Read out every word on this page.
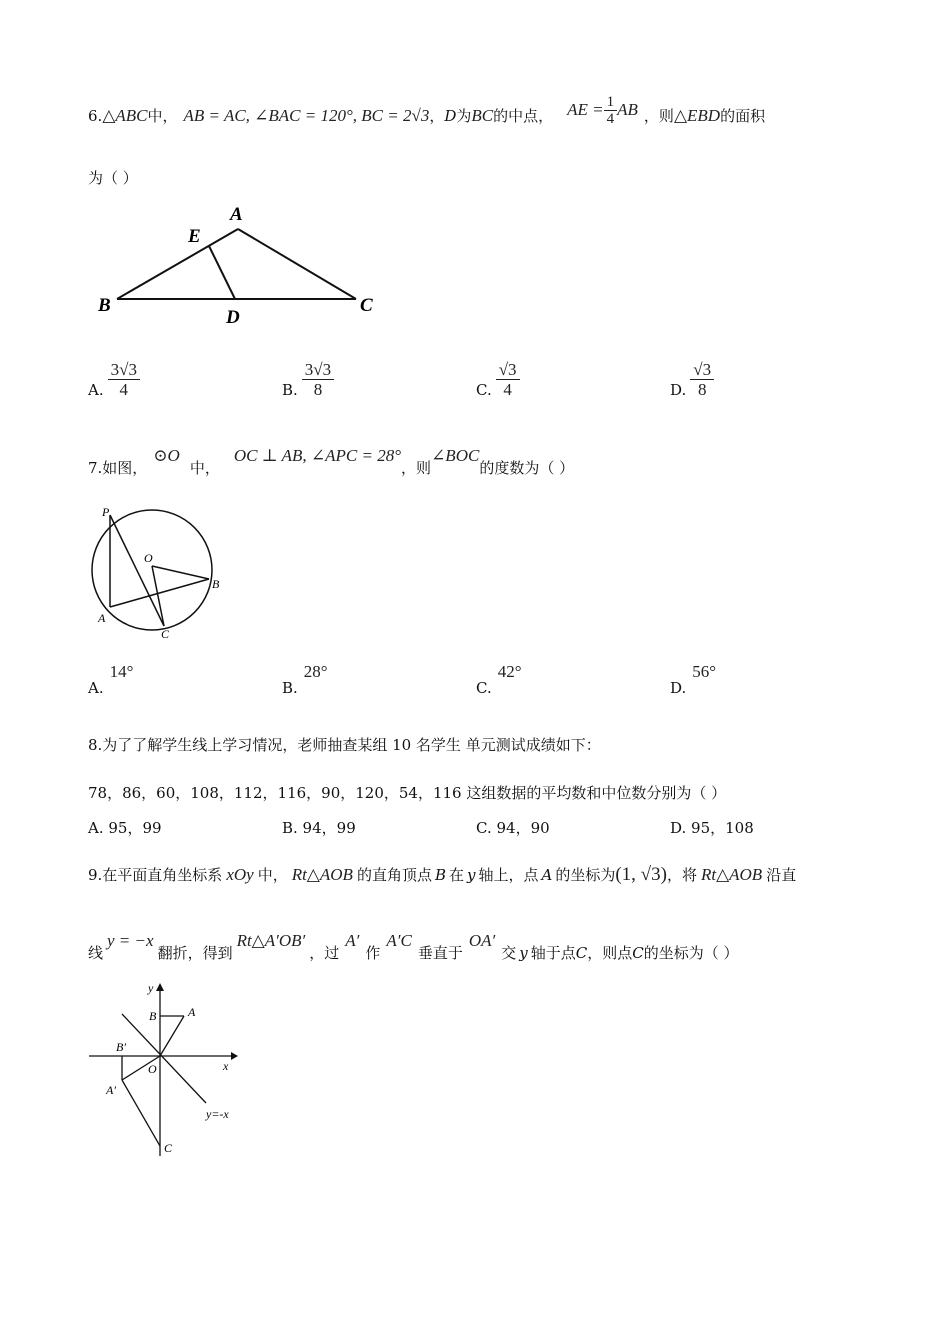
6. △ ABC 中， AB = AC, ∠BAC = 120°, BC = 2√3 ， D 为 BC 的中点， AE = $\frac{1}{4}$ AB ，则 △ EBD 的面积
为（ ）
A
E
B
D
C
A. $\frac{3√3}{4}$	B. $\frac{3√3}{8}$	C. $\frac{√3}{4}$	D. $\frac{√3}{8}$
7.如图，
⊙O
中，
OC ⊥ AB, ∠APC = 28°
，则
∠BOC
的度数为（ ）
P
O
B
A
C
A.
14°
B.
28°
C.
42°
D.
56°
8.为了了解学生线上学习情况，老师抽查某组 10 名学生 单元测试成绩如下：
78，86，60，108，112，116，90，120，54，116 这组数据的平均数和中位数分别为（ ）
A. 95，99	B. 94，99	C. 94，90	D. 95，108
9.在平面直角坐标系 xOy 中， Rt△AOB 的直角顶点 B 在 y 轴上，点 A 的坐标为 (1, √3) ，将 Rt△AOB 沿直
线
y = −x
翻折，得到
Rt△A′OB′
，过
A′
作
A′C
垂直于
OA′
交 y 轴于点 C ，则点 C 的坐标为（ ）
y
x
O
A
B
B′
A′
C
y=-x
